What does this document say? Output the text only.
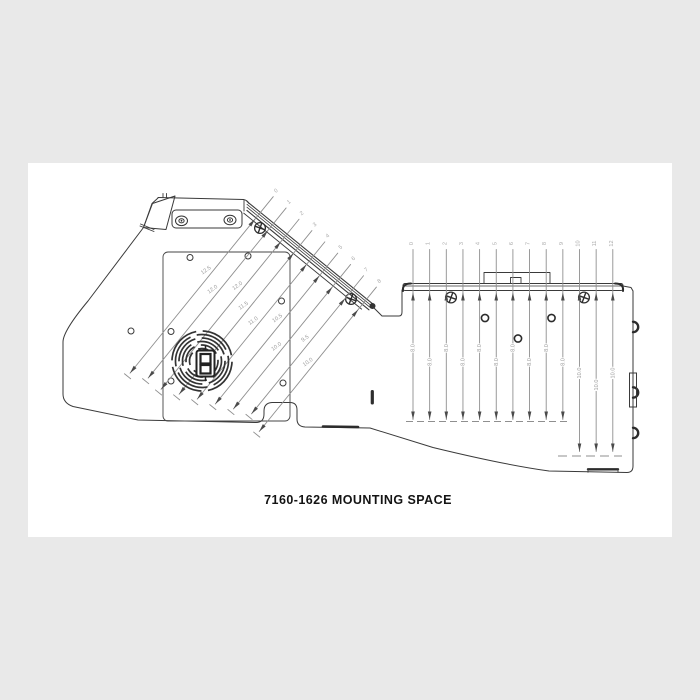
0
12.5
1
12.0
2
12.0
3
11.5
4
11.0
5
10.5
6
10.0
7
9.5
8
10.0
0
8.0
1
8.0
2
8.0
3
8.0
4
8.0
5
8.0
6
8.0
7
8.0
8
8.0
9
8.0
10
10.0
11
10.0
12
10.0
7160-1626 MOUNTING SPACE
